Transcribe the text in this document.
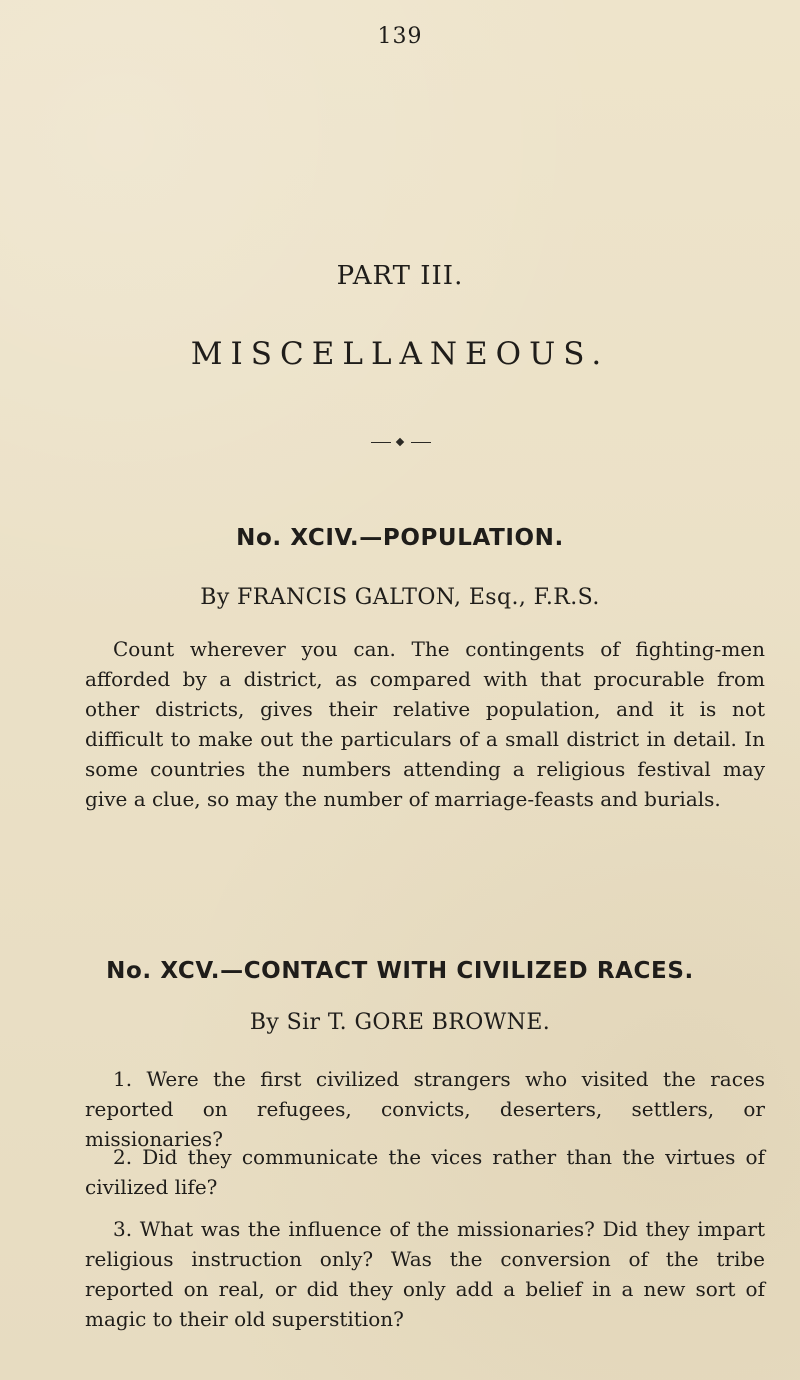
139
PART III.
MISCELLANEOUS.
No. XCIV.—POPULATION.
By FRANCIS GALTON, Esq., F.R.S.
Count wherever you can. The contingents of fighting-men afforded by a district, as compared with that procurable from other districts, gives their relative population, and it is not difficult to make out the particulars of a small district in detail. In some countries the numbers attending a religious festival may give a clue, so may the number of marriage-feasts and burials.
No. XCV.—CONTACT WITH CIVILIZED RACES.
By Sir T. GORE BROWNE.
1. Were the first civilized strangers who visited the races reported on refugees, convicts, deserters, settlers, or missionaries?
2. Did they communicate the vices rather than the virtues of civilized life?
3. What was the influence of the missionaries? Did they impart religious instruction only? Was the conversion of the tribe reported on real, or did they only add a belief in a new sort of magic to their old superstition?
